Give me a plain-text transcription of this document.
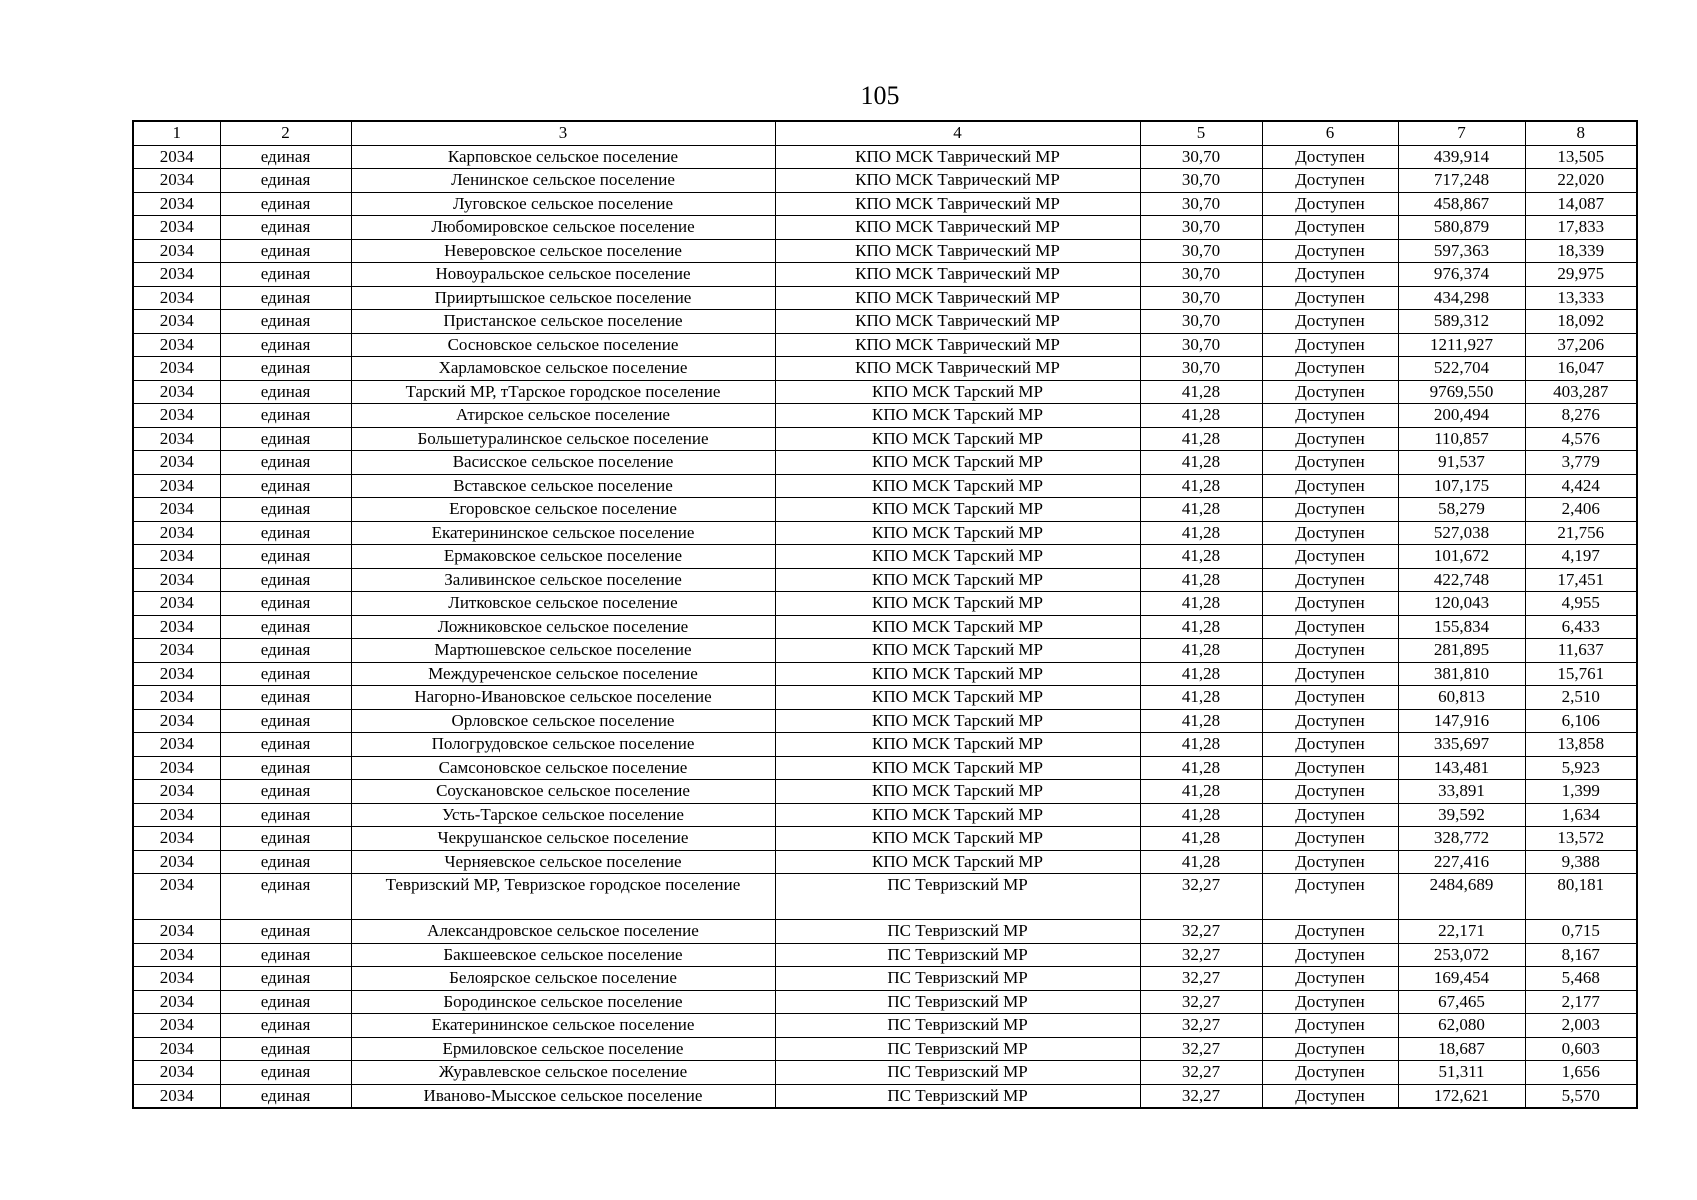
105
1	2	3	4	5	6	7	8
2034	единая	Карповское сельское поселение	КПО МСК Таврический МР	30,70	Доступен	439,914	13,505
2034	единая	Ленинское сельское поселение	КПО МСК Таврический МР	30,70	Доступен	717,248	22,020
2034	единая	Луговское сельское поселение	КПО МСК Таврический МР	30,70	Доступен	458,867	14,087
2034	единая	Любомировское сельское поселение	КПО МСК Таврический МР	30,70	Доступен	580,879	17,833
2034	единая	Неверовское сельское поселение	КПО МСК Таврический МР	30,70	Доступен	597,363	18,339
2034	единая	Новоуральское сельское поселение	КПО МСК Таврический МР	30,70	Доступен	976,374	29,975
2034	единая	Прииртышское сельское поселение	КПО МСК Таврический МР	30,70	Доступен	434,298	13,333
2034	единая	Пристанское сельское поселение	КПО МСК Таврический МР	30,70	Доступен	589,312	18,092
2034	единая	Сосновское сельское поселение	КПО МСК Таврический МР	30,70	Доступен	1211,927	37,206
2034	единая	Харламовское сельское поселение	КПО МСК Таврический МР	30,70	Доступен	522,704	16,047
2034	единая	Тарский МР, тТарское городское поселение	КПО МСК Тарский МР	41,28	Доступен	9769,550	403,287
2034	единая	Атирское сельское поселение	КПО МСК Тарский МР	41,28	Доступен	200,494	8,276
2034	единая	Большетуралинское сельское поселение	КПО МСК Тарский МР	41,28	Доступен	110,857	4,576
2034	единая	Васисское сельское поселение	КПО МСК Тарский МР	41,28	Доступен	91,537	3,779
2034	единая	Вставское сельское поселение	КПО МСК Тарский МР	41,28	Доступен	107,175	4,424
2034	единая	Егоровское сельское поселение	КПО МСК Тарский МР	41,28	Доступен	58,279	2,406
2034	единая	Екатерининское сельское поселение	КПО МСК Тарский МР	41,28	Доступен	527,038	21,756
2034	единая	Ермаковское сельское поселение	КПО МСК Тарский МР	41,28	Доступен	101,672	4,197
2034	единая	Заливинское сельское поселение	КПО МСК Тарский МР	41,28	Доступен	422,748	17,451
2034	единая	Литковское сельское поселение	КПО МСК Тарский МР	41,28	Доступен	120,043	4,955
2034	единая	Ложниковское сельское поселение	КПО МСК Тарский МР	41,28	Доступен	155,834	6,433
2034	единая	Мартюшевское сельское поселение	КПО МСК Тарский МР	41,28	Доступен	281,895	11,637
2034	единая	Междуреченское сельское поселение	КПО МСК Тарский МР	41,28	Доступен	381,810	15,761
2034	единая	Нагорно-Ивановское сельское поселение	КПО МСК Тарский МР	41,28	Доступен	60,813	2,510
2034	единая	Орловское сельское поселение	КПО МСК Тарский МР	41,28	Доступен	147,916	6,106
2034	единая	Пологрудовское сельское поселение	КПО МСК Тарский МР	41,28	Доступен	335,697	13,858
2034	единая	Самсоновское сельское поселение	КПО МСК Тарский МР	41,28	Доступен	143,481	5,923
2034	единая	Соускановское сельское поселение	КПО МСК Тарский МР	41,28	Доступен	33,891	1,399
2034	единая	Усть-Тарское сельское поселение	КПО МСК Тарский МР	41,28	Доступен	39,592	1,634
2034	единая	Чекрушанское сельское поселение	КПО МСК Тарский МР	41,28	Доступен	328,772	13,572
2034	единая	Черняевское сельское поселение	КПО МСК Тарский МР	41,28	Доступен	227,416	9,388
2034	единая	Тевризский МР, Тевризское городское поселение	ПС Тевризский МР	32,27	Доступен	2484,689	80,181
2034	единая	Александровское сельское поселение	ПС Тевризский МР	32,27	Доступен	22,171	0,715
2034	единая	Бакшеевское сельское поселение	ПС Тевризский МР	32,27	Доступен	253,072	8,167
2034	единая	Белоярское сельское поселение	ПС Тевризский МР	32,27	Доступен	169,454	5,468
2034	единая	Бородинское сельское поселение	ПС Тевризский МР	32,27	Доступен	67,465	2,177
2034	единая	Екатерининское сельское поселение	ПС Тевризский МР	32,27	Доступен	62,080	2,003
2034	единая	Ермиловское сельское поселение	ПС Тевризский МР	32,27	Доступен	18,687	0,603
2034	единая	Журавлевское сельское поселение	ПС Тевризский МР	32,27	Доступен	51,311	1,656
2034	единая	Иваново-Мысское сельское поселение	ПС Тевризский МР	32,27	Доступен	172,621	5,570
